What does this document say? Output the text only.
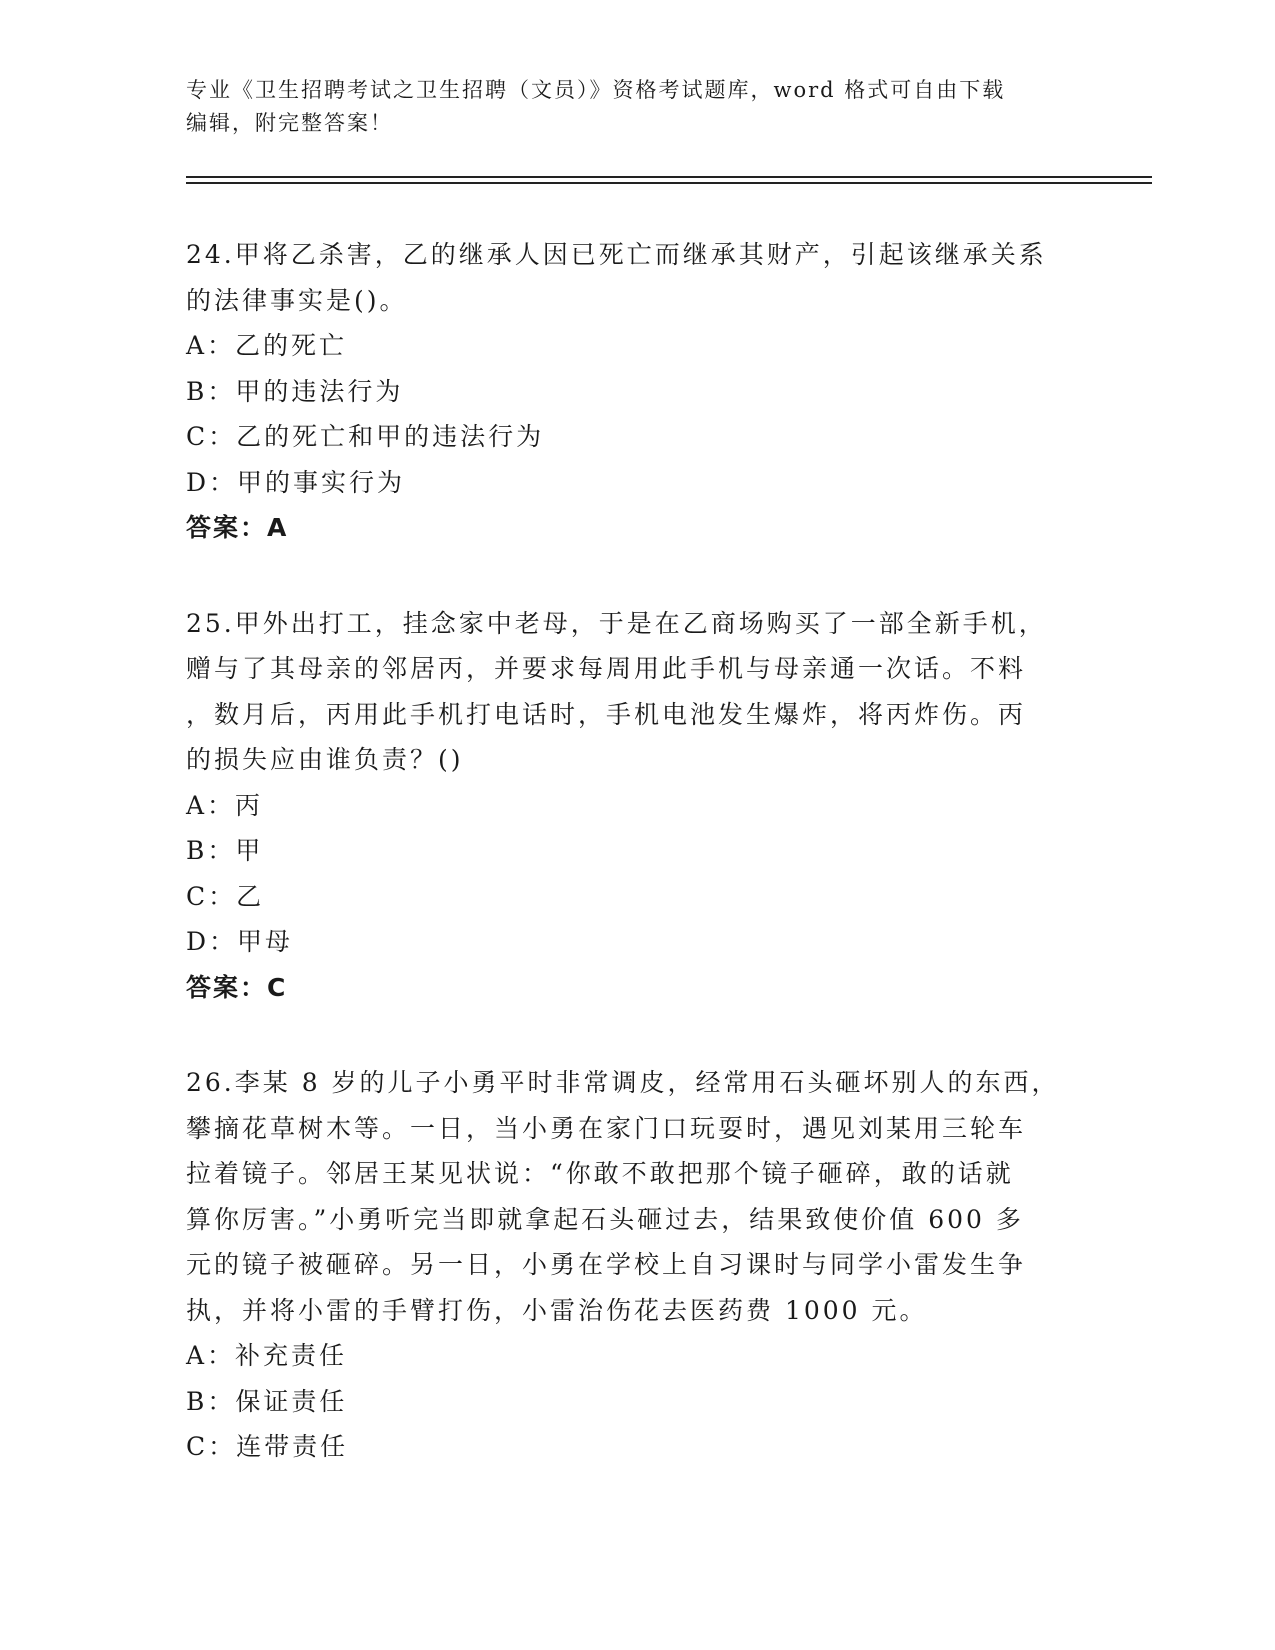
专业《卫生招聘考试之卫生招聘（文员）》资格考试题库，word 格式可自由下载
编辑，附完整答案！

24.甲将乙杀害，乙的继承人因已死亡而继承其财产，引起该继承关系

的法律事实是()。

A：乙的死亡

B：甲的违法行为

C：乙的死亡和甲的违法行为

D：甲的事实行为

答案：A

25.甲外出打工，挂念家中老母，于是在乙商场购买了一部全新手机，

赠与了其母亲的邻居丙，并要求每周用此手机与母亲通一次话。不料

，数月后，丙用此手机打电话时，手机电池发生爆炸，将丙炸伤。丙

的损失应由谁负责？()

A：丙

B：甲

C：乙

D：甲母

答案：C

26.李某 8 岁的儿子小勇平时非常调皮，经常用石头砸坏别人的东西，

攀摘花草树木等。一日，当小勇在家门口玩耍时，遇见刘某用三轮车

拉着镜子。邻居王某见状说：“你敢不敢把那个镜子砸碎，敢的话就

算你厉害。”小勇听完当即就拿起石头砸过去，结果致使价值 600 多

元的镜子被砸碎。另一日，小勇在学校上自习课时与同学小雷发生争

执，并将小雷的手臂打伤，小雷治伤花去医药费 1000 元。

A：补充责任

B：保证责任

C：连带责任
